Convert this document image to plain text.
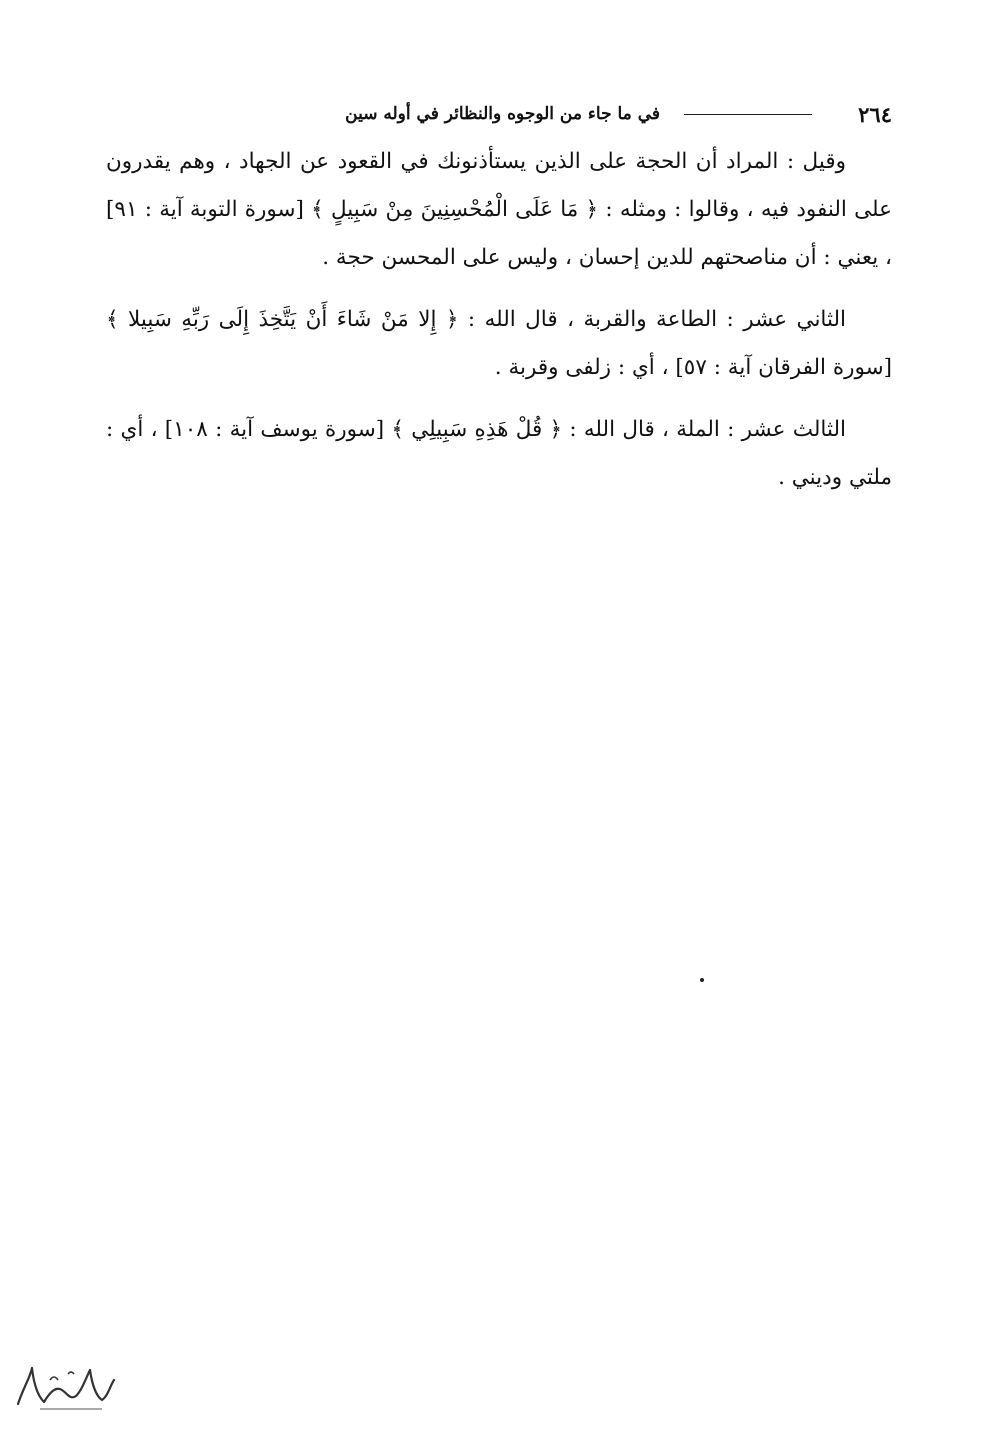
٢٦٤
في ما جاء من الوجوه والنظائر في أوله سين

وقيل : المراد أن الحجة على الذين يستأذنونك في القعود عن الجهاد ، وهم يقدرون على النفود فيه ، وقالوا : ومثله : ﴿ مَا عَلَى الْمُحْسِنِينَ مِنْ سَبِيلٍ ﴾ [سورة التوبة آية : ٩١] ، يعني : أن مناصحتهم للدين إحسان ، وليس على المحسن حجة .

الثاني عشر : الطاعة والقربة ، قال الله : ﴿ إِلا مَنْ شَاءَ أَنْ يَتَّخِذَ إِلَى رَبِّهِ سَبِيلا ﴾ [سورة الفرقان آية : ٥٧] ، أي : زلفى وقربة .

الثالث عشر : الملة ، قال الله : ﴿ قُلْ هَذِهِ سَبِيلِي ﴾ [سورة يوسف آية : ١٠٨] ، أي : ملتي وديني .
